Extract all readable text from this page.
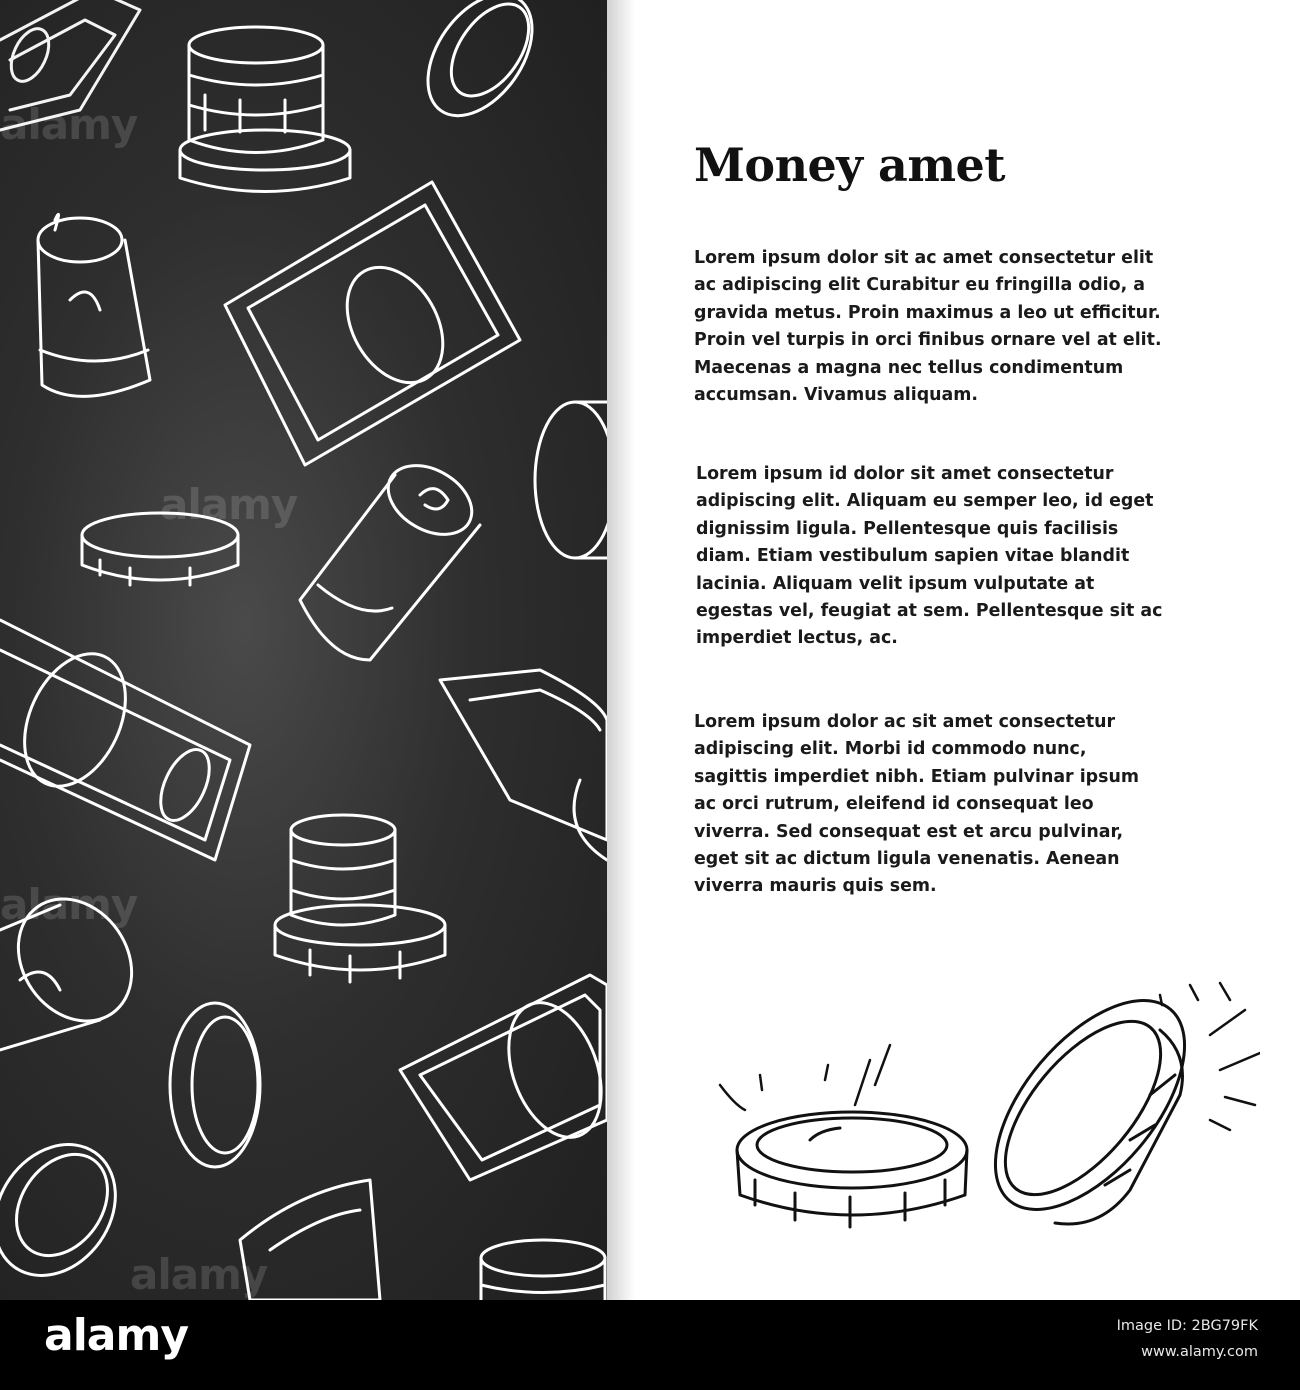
alamy
alamy
alamy
alamy
Money amet

Lorem ipsum dolor sit ac amet consectetur elit ac adipiscing elit Curabitur eu fringilla odio, a gravida metus. Proin maximus a leo ut efficitur. Proin vel turpis in orci finibus ornare vel at elit. Maecenas a magna nec tellus condimentum accumsan. Vivamus aliquam.

Lorem ipsum id dolor sit amet consectetur adipiscing elit. Aliquam eu semper leo, id eget dignissim ligula. Pellentesque quis facilisis diam. Etiam vestibulum sapien vitae blandit lacinia. Aliquam velit ipsum vulputate at egestas vel, feugiat at sem. Pellentesque sit ac imperdiet lectus, ac.

Lorem ipsum dolor ac sit amet consectetur adipiscing elit. Morbi id commodo nunc, sagittis imperdiet nibh. Etiam pulvinar ipsum ac orci rutrum, eleifend id consequat leo viverra. Sed consequat est et arcu pulvinar, eget sit ac dictum ligula venenatis. Aenean viverra mauris quis sem.

alamy	Image ID: 2BG79FK
www.alamy.com
